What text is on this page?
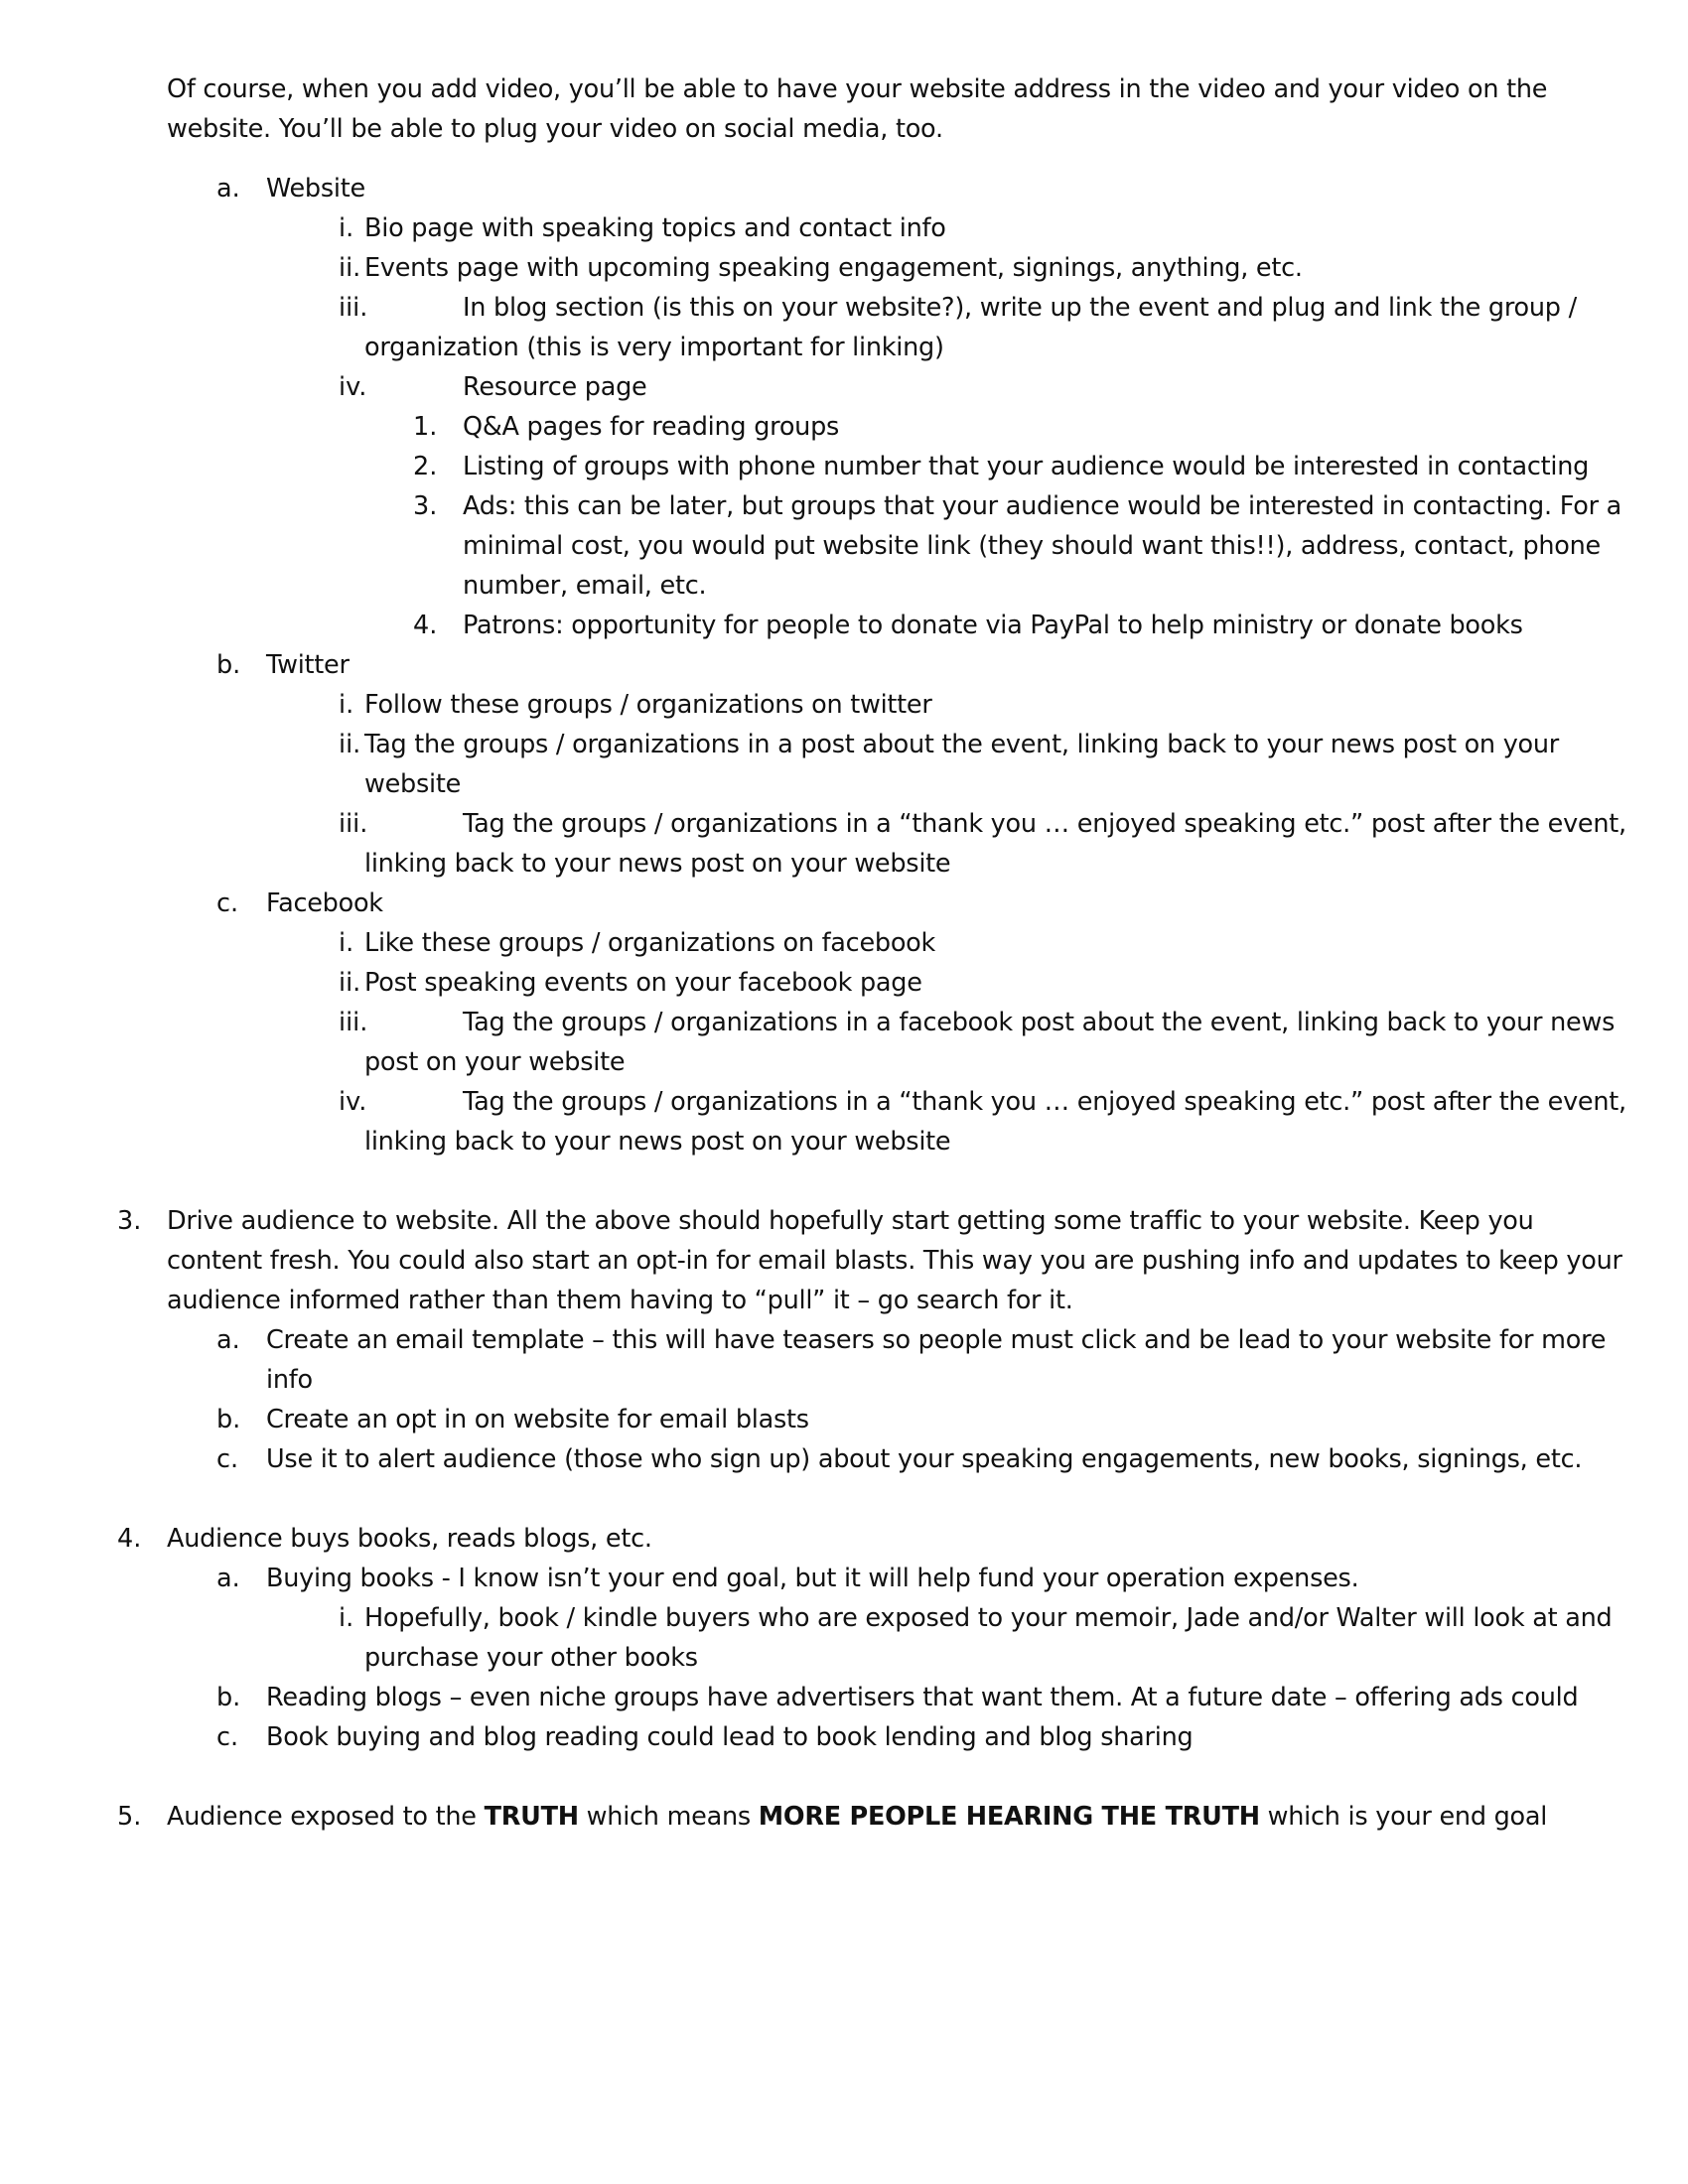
Of course, when you add video, you’ll be able to have your website address in the video and your video on the
website. You’ll be able to plug your video on social media, too.
a. Website
i. Bio page with speaking topics and contact info
ii. Events page with upcoming speaking engagement, signings, anything, etc.
iii.	In blog section (is this on your website?), write up the event and plug and link the group /
organization (this is very important for linking)
iv.	Resource page
1. Q&A pages for reading groups
2. Listing of groups with phone number that your audience would be interested in contacting
3. Ads: this can be later, but groups that your audience would be interested in contacting. For a
minimal cost, you would put website link (they should want this!!), address, contact, phone
number, email, etc.
4. Patrons: opportunity for people to donate via PayPal to help ministry or donate books
b. Twitter
i. Follow these groups / organizations on twitter
ii. Tag the groups / organizations in a post about the event, linking back to your news post on your
website
iii.	Tag the groups / organizations in a “thank you … enjoyed speaking etc.” post after the event,
linking back to your news post on your website
c. Facebook
i. Like these groups / organizations on facebook
ii. Post speaking events on your facebook page
iii.	Tag the groups / organizations in a facebook post about the event, linking back to your news
post on your website
iv.	Tag the groups / organizations in a “thank you … enjoyed speaking etc.” post after the event,
linking back to your news post on your website
3. Drive audience to website. All the above should hopefully start getting some traffic to your website. Keep you
content fresh. You could also start an opt-in for email blasts. This way you are pushing info and updates to keep your
audience informed rather than them having to “pull” it – go search for it.
a. Create an email template – this will have teasers so people must click and be lead to your website for more
info
b. Create an opt in on website for email blasts
c. Use it to alert audience (those who sign up) about your speaking engagements, new books, signings, etc.
4. Audience buys books, reads blogs, etc.
a. Buying books - I know isn’t your end goal, but it will help fund your operation expenses.
i. Hopefully, book / kindle buyers who are exposed to your memoir, Jade and/or Walter will look at and
purchase your other books
b. Reading blogs – even niche groups have advertisers that want them. At a future date – offering ads could
c. Book buying and blog reading could lead to book lending and blog sharing
5. Audience exposed to the TRUTH which means MORE PEOPLE HEARING THE TRUTH which is your end goal
